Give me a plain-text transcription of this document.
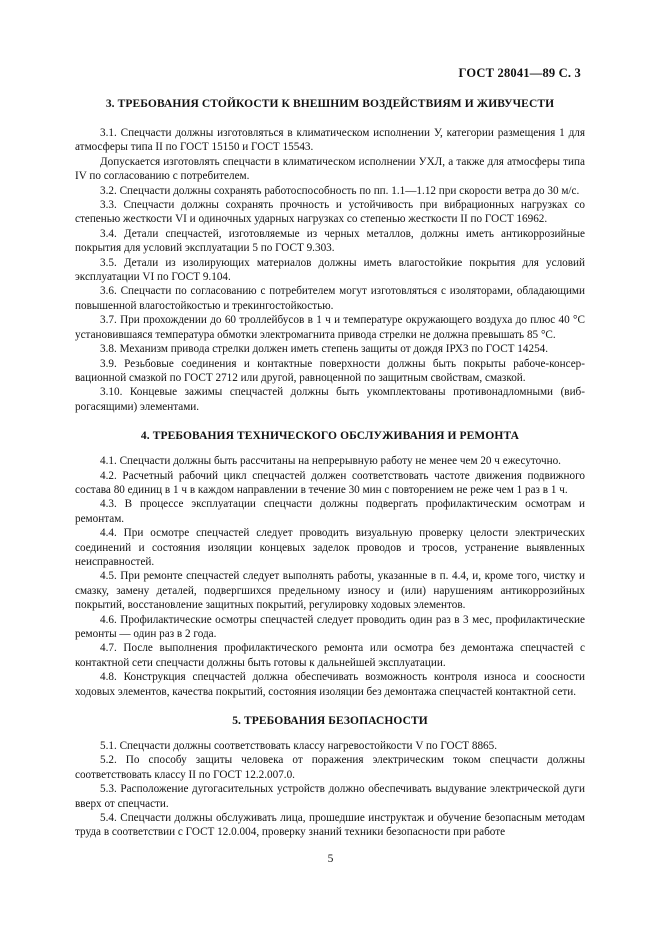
ГОСТ 28041—89 С. 3
3. ТРЕБОВАНИЯ СТОЙКОСТИ К ВНЕШНИМ ВОЗДЕЙСТВИЯМ И ЖИВУЧЕСТИ

3.1. Спецчасти должны изготовляться в климатическом исполнении У, категории размещения 1 для атмосферы типа II по ГОСТ 15150 и ГОСТ 15543.

Допускается изготовлять спецчасти в климатическом исполнении УХЛ, а также для атмосферы типа IV по согласованию с потребителем.

3.2. Спецчасти должны сохранять работоспособность по пп. 1.1—1.12 при скорости ветра до 30 м/с.

3.3. Спецчасти должны сохранять прочность и устойчивость при вибрационных нагрузках со степенью жесткости VI и одиночных ударных нагрузках со степенью жесткости II по ГОСТ 16962.

3.4. Детали спецчастей, изготовляемые из черных металлов, должны иметь антикоррозийные покрытия для условий эксплуатации 5 по ГОСТ 9.303.

3.5. Детали из изолирующих материалов должны иметь влагостойкие покрытия для условий эксплуатации VI по ГОСТ 9.104.

3.6. Спецчасти по согласованию с потребителем могут изготовляться с изоляторами, обладающими повышенной влагостойкостью и трекингостойкостью.

3.7. При прохождении до 60 троллейбусов в 1 ч и температуре окружающего воздуха до плюс 40 °С установившаяся температура обмотки электромагнита привода стрелки не должна превышать 85 °С.

3.8. Механизм привода стрелки должен иметь степень защиты от дождя IРХ3 по ГОСТ 14254.

3.9. Резьбовые соединения и контактные поверхности должны быть покрыты рабоче-консервационной смазкой по ГОСТ 2712 или другой, равноценной по защитным свойствам, смазкой.

3.10. Концевые зажимы спецчастей должны быть укомплектованы противонадломными (виброгасящими) элементами.

4. ТРЕБОВАНИЯ ТЕХНИЧЕСКОГО ОБСЛУЖИВАНИЯ И РЕМОНТА

4.1. Спецчасти должны быть рассчитаны на непрерывную работу не менее чем 20 ч ежесуточно.

4.2. Расчетный рабочий цикл спецчастей должен соответствовать частоте движения подвижного состава 80 единиц в 1 ч в каждом направлении в течение 30 мин с повторением не реже чем 1 раз в 1 ч.

4.3. В процессе эксплуатации спецчасти должны подвергать профилактическим осмотрам и ремонтам.

4.4. При осмотре спецчастей следует проводить визуальную проверку целости электрических соединений и состояния изоляции концевых заделок проводов и тросов, устранение выявленных неисправностей.

4.5. При ремонте спецчастей следует выполнять работы, указанные в п. 4.4, и, кроме того, чистку и смазку, замену деталей, подвергшихся предельному износу и (или) нарушениям антикоррозийных покрытий, восстановление защитных покрытий, регулировку ходовых элементов.

4.6. Профилактические осмотры спецчастей следует проводить один раз в 3 мес, профилактические ремонты — один раз в 2 года.

4.7. После выполнения профилактического ремонта или осмотра без демонтажа спецчастей с контактной сети спецчасти должны быть готовы к дальнейшей эксплуатации.

4.8. Конструкция спецчастей должна обеспечивать возможность контроля износа и соосности ходовых элементов, качества покрытий, состояния изоляции без демонтажа спецчастей контактной сети.

5. ТРЕБОВАНИЯ БЕЗОПАСНОСТИ

5.1. Спецчасти должны соответствовать классу нагревостойкости V по ГОСТ 8865.

5.2. По способу защиты человека от поражения электрическим током спецчасти должны соответствовать классу II по ГОСТ 12.2.007.0.

5.3. Расположение дугогасительных устройств должно обеспечивать выдувание электрической дуги вверх от спецчасти.

5.4. Спецчасти должны обслуживать лица, прошедшие инструктаж и обучение безопасным методам труда в соответствии с ГОСТ 12.0.004, проверку знаний техники безопасности при работе

5
